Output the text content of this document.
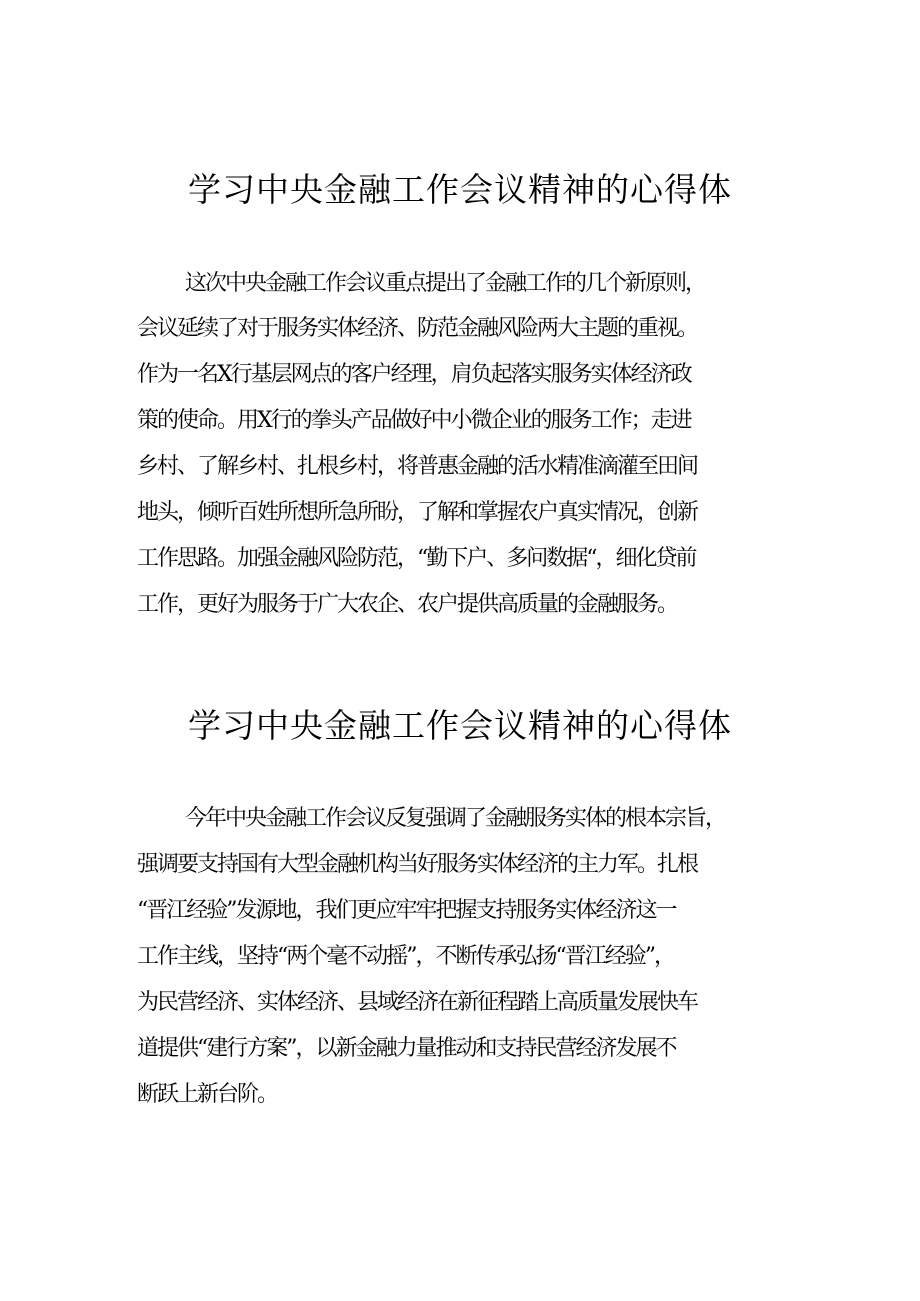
学习中央金融工作会议精神的心得体
这次中央金融工作会议重点提出了金融工作的几个新原则，
会议延续了对于服务实体经济、防范金融风险两大主题的重视。
作为一名X行基层网点的客户经理，肩负起落实服务实体经济政
策的使命。用X行的拳头产品做好中小微企业的服务工作；走进
乡村、了解乡村、扎根乡村，将普惠金融的活水精准滴灌至田间
地头，倾听百姓所想所急所盼，了解和掌握农户真实情况，创新
工作思路。加强金融风险防范，“勤下户、多问数据“，细化贷前
工作，更好为服务于广大农企、农户提供高质量的金融服务。
学习中央金融工作会议精神的心得体
今年中央金融工作会议反复强调了金融服务实体的根本宗旨，
强调要支持国有大型金融机构当好服务实体经济的主力军。扎根
“晋江经验”发源地，我们更应牢牢把握支持服务实体经济这一
工作主线，坚持“两个毫不动摇”，不断传承弘扬“晋江经验”，
为民营经济、实体经济、县域经济在新征程踏上高质量发展快车
道提供“建行方案”，以新金融力量推动和支持民营经济发展不
断跃上新台阶。
